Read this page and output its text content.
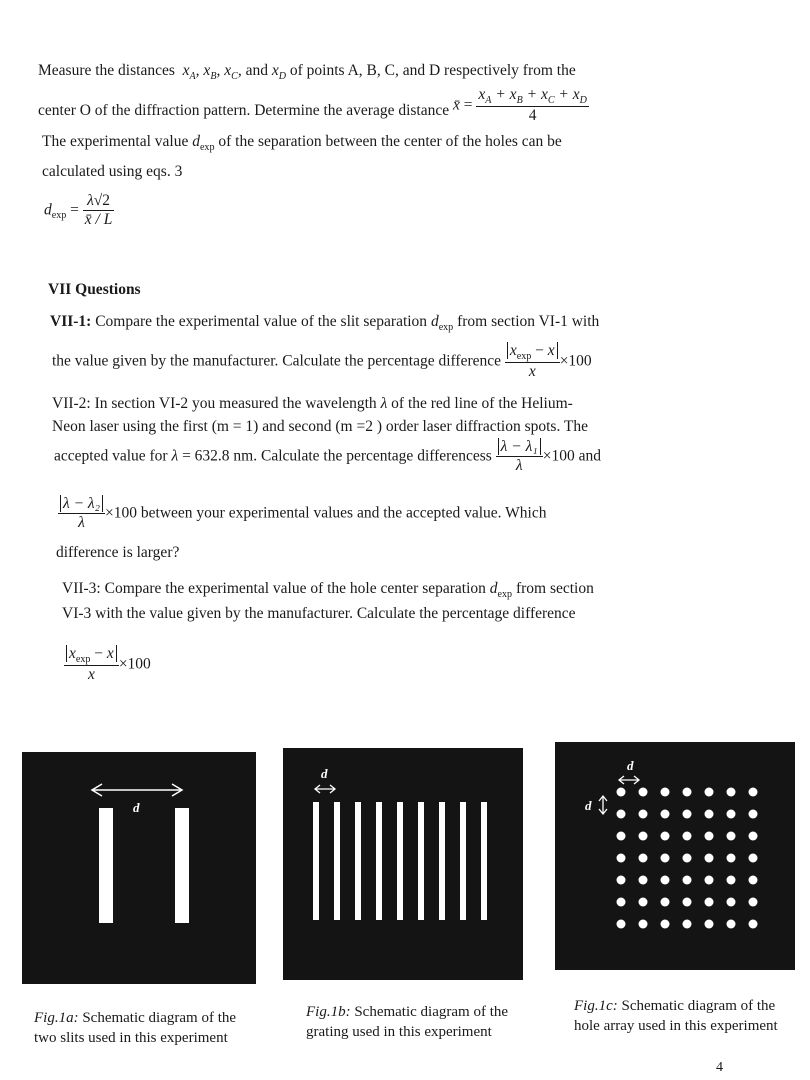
Measure the distances $x_A$, $x_B$, $x_C$, and $x_D$ of points A, B, C, and D respectively from the
center O of the diffraction pattern. Determine the average distance x̄ = $\frac{x_A + x_B + x_C + x_D}{4}$
The experimental value $d_{exp}$ of the separation between the center of the holes can be
calculated using eqs. 3
$d_{exp} = \frac{\lambda√2}{x̄ / L}$
VII Questions
VII-1: Compare the experimental value of the slit separation $d_{exp}$ from section VI-1 with
the value given by the manufacturer. Calculate the percentage difference $\frac{x_{exp} - x}{x} \times 100$
VII-2: In section VI-2 you measured the wavelength λ of the red line of the Helium-
Neon laser using the first (m = 1) and second (m =2 ) order laser diffraction spots. The
accepted value for λ = 632.8 nm. Calculate the percentage differencess $\frac{\text{λ − λ₁}}{\lambda} \times 100$ and
$\frac{\text{λ − λ₂}}{\lambda} \times 100$ between your experimental values and the accepted value. Which
difference is larger?
VII-3: Compare the experimental value of the hole center separation $d_{exp}$ from section
VI-3 with the value given by the manufacturer. Calculate the percentage difference
$\frac{x_{exp} - x}{x} \times 100$
d
d
d
d
Fig.1a: Schematic diagram of the two slits used in this experiment
Fig.1b: Schematic diagram of the grating used in this experiment
Fig.1c: Schematic diagram of the hole array used in this experiment
4
